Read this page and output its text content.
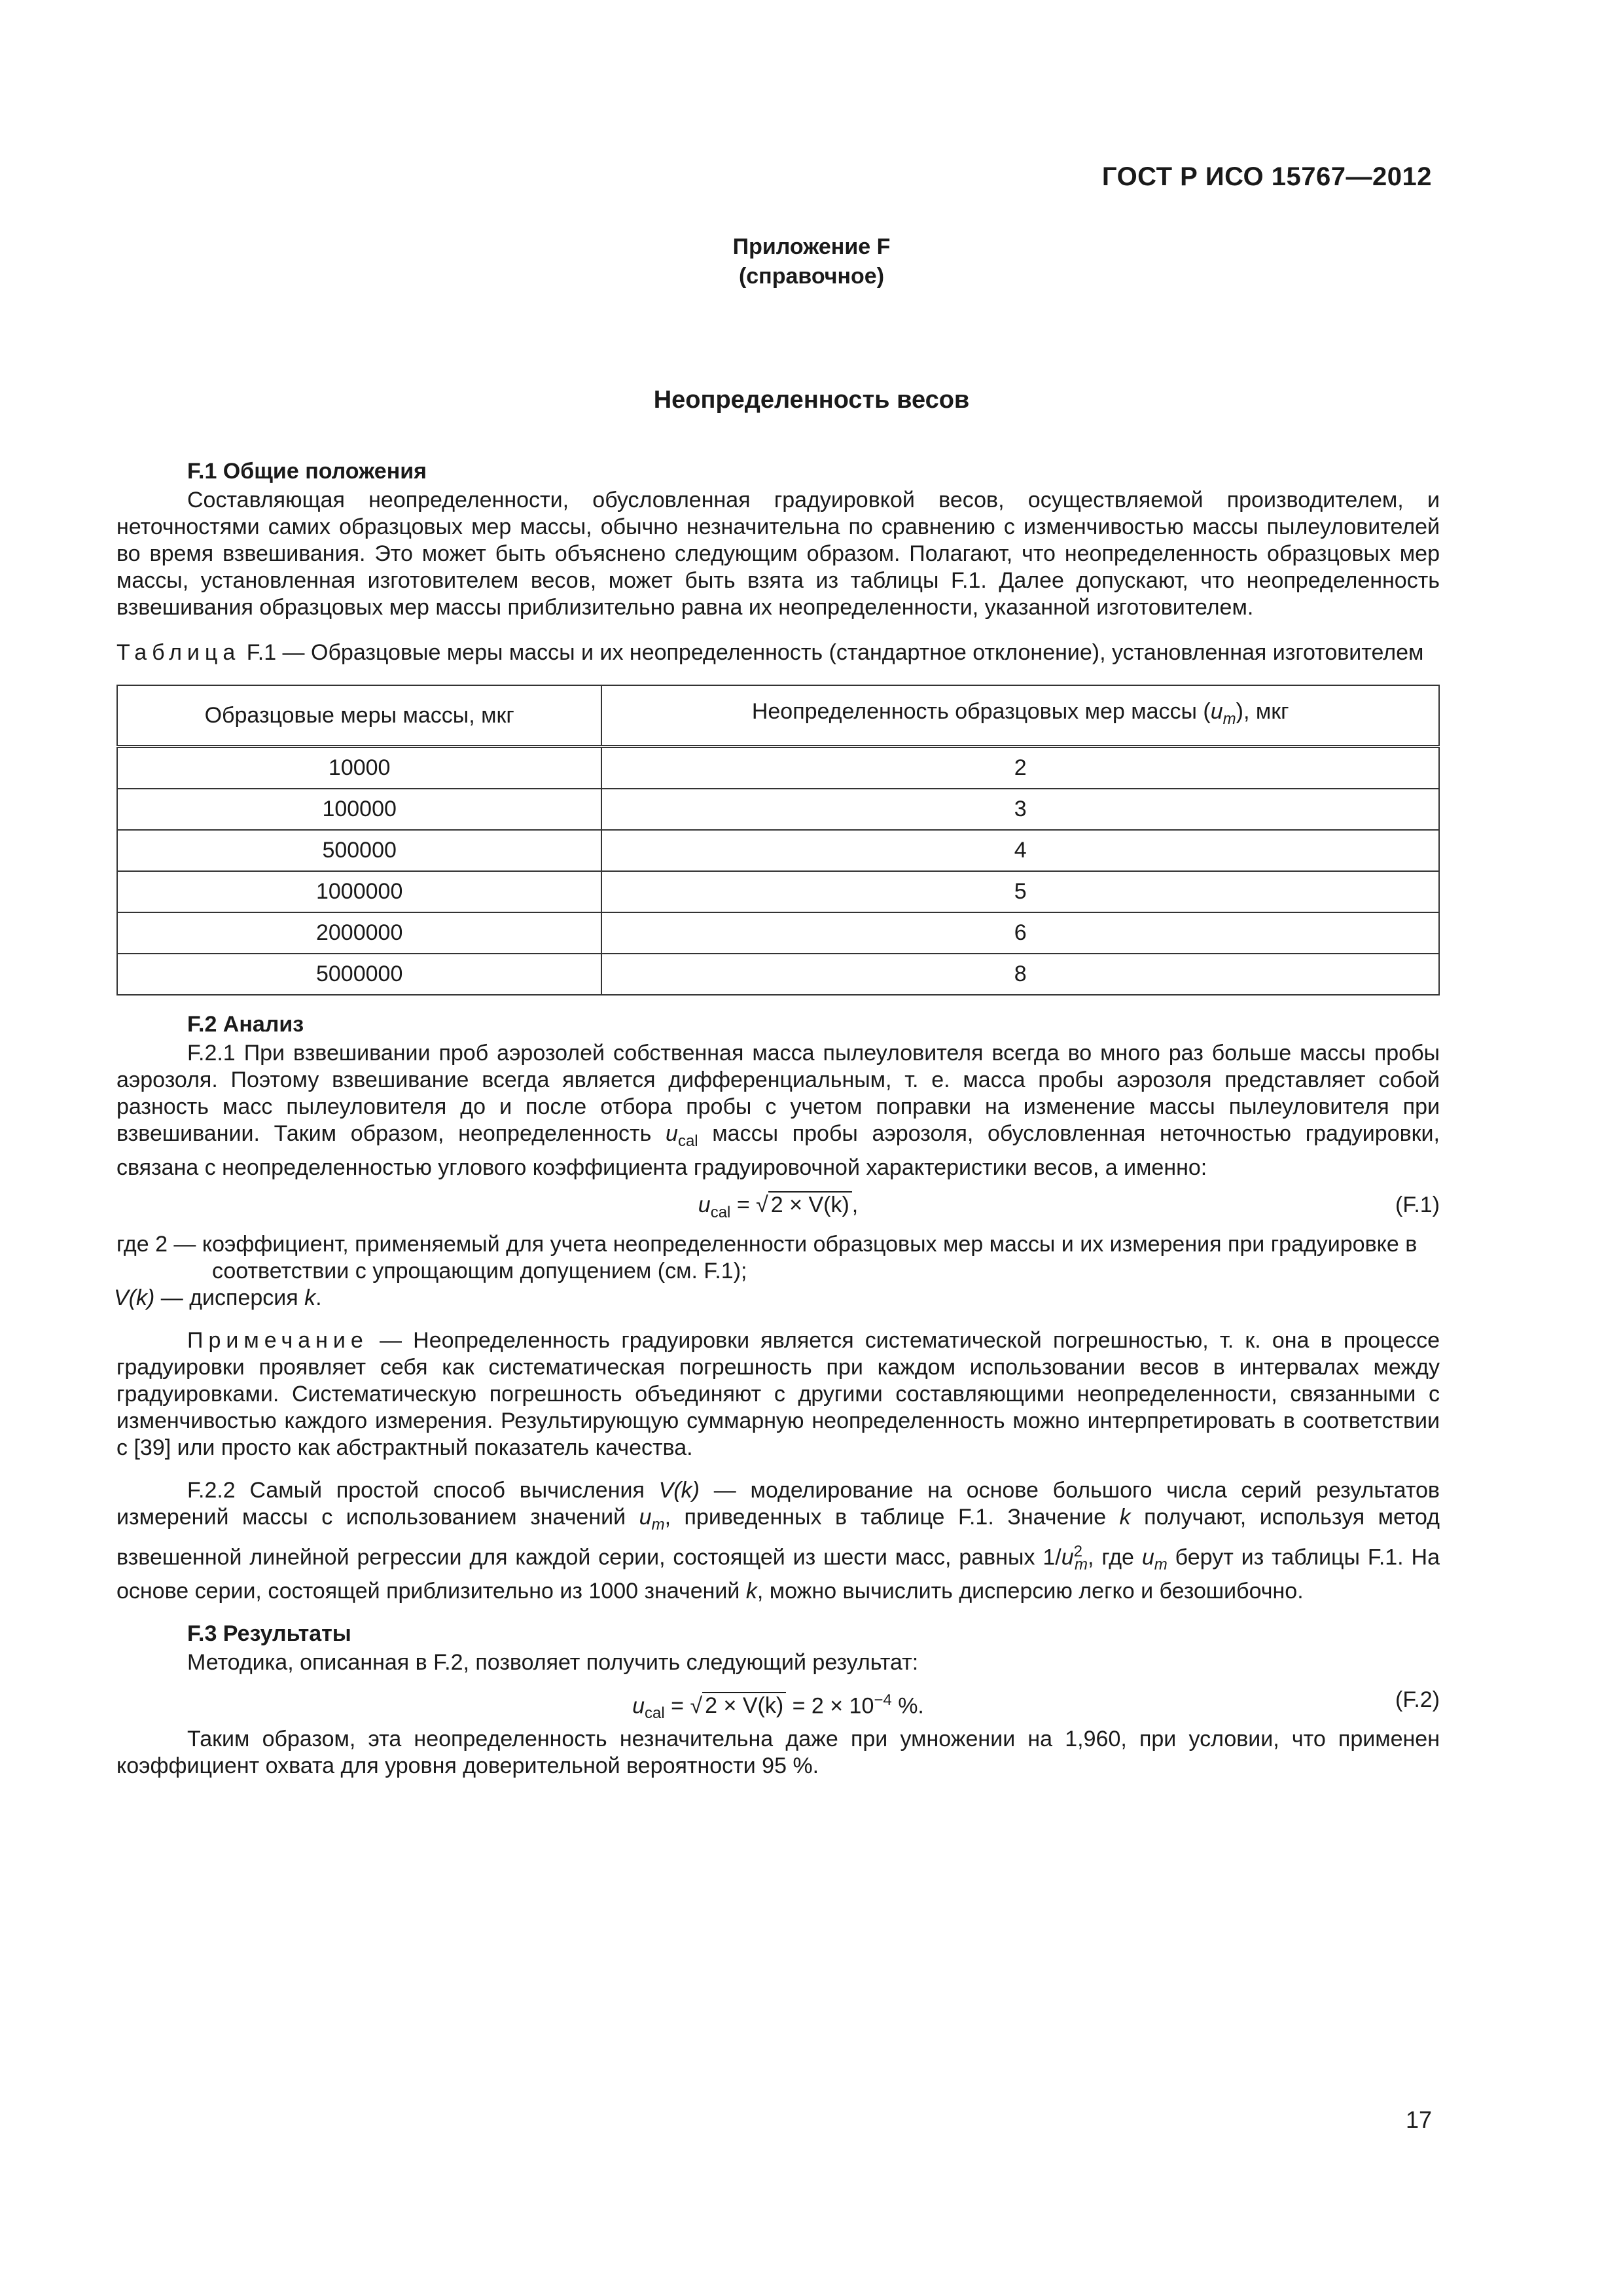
ГОСТ Р ИСО 15767—2012
Приложение F
(справочное)
Неопределенность весов
F.1 Общие положения

Составляющая неопределенности, обусловленная градуировкой весов, осуществляемой производителем, и неточностями самих образцовых мер массы, обычно незначительна по сравнению с изменчивостью массы пылеуловителей во время взвешивания. Это может быть объяснено следующим образом. Полагают, что неопределенность образцовых мер массы, установленная изготовителем весов, может быть взята из таблицы F.1. Далее допускают, что неопределенность взвешивания образцовых мер массы приблизительно равна их неопределенности, указанной изготовителем.

Таблица F.1 — Образцовые меры массы и их неопределенность (стандартное отклонение), установленная изготовителем

Образцовые меры массы, мкг	Неопределенность образцовых мер массы $(u_m)$, мкг
10000	2
100000	3
500000	4
1000000	5
2000000	6
5000000	8
F.2 Анализ

F.2.1 При взвешивании проб аэрозолей собственная масса пылеуловителя всегда во много раз больше массы пробы аэрозоля. Поэтому взвешивание всегда является дифференциальным, т. е. масса пробы аэрозоля представляет собой разность масс пылеуловителя до и после отбора пробы с учетом поправки на изменение массы пылеуловителя при взвешивании. Таким образом, неопределенность $u_{cal}$ массы пробы аэрозоля, обусловленная неточностью градуировки, связана с неопределенностью углового коэффициента градуировочной характеристики весов, а именно:

$u_{cal}$ = √ 2 × V(k) ,	(F.1)
где 2 — коэффициент, применяемый для учета неопределенности образцовых мер массы и их измерения при градуировке в соответствии с упрощающим допущением (см. F.1);
V(k) — дисперсия k.

Примечание — Неопределенность градуировки является систематической погрешностью, т. к. она в процессе градуировки проявляет себя как систематическая погрешность при каждом использовании весов в интервалах между градуировками. Систематическую погрешность объединяют с другими составляющими неопределенности, связанными с изменчивостью каждого измерения. Результирующую суммарную неопределенность можно интерпретировать в соответствии с [39] или просто как абстрактный показатель качества.

F.2.2 Самый простой способ вычисления V(k) — моделирование на основе большого числа серий результатов измерений массы с использованием значений $u_m$, приведенных в таблице F.1. Значение k получают, используя метод взвешенной линейной регрессии для каждой серии, состоящей из шести масс, равных $1/u^2_m$, где $u_m$ берут из таблицы F.1. На основе серии, состоящей приблизительно из 1000 значений k, можно вычислить дисперсию легко и безошибочно.

F.3 Результаты

Методика, описанная в F.2, позволяет получить следующий результат:

$u_{cal}$ = √ $2 \times V(k) = 2 \times 10^{-4}$ %.	(F.2)

Таким образом, эта неопределенность незначительна даже при умножении на 1,960, при условии, что применен коэффициент охвата для уровня доверительной вероятности 95 %.

17
